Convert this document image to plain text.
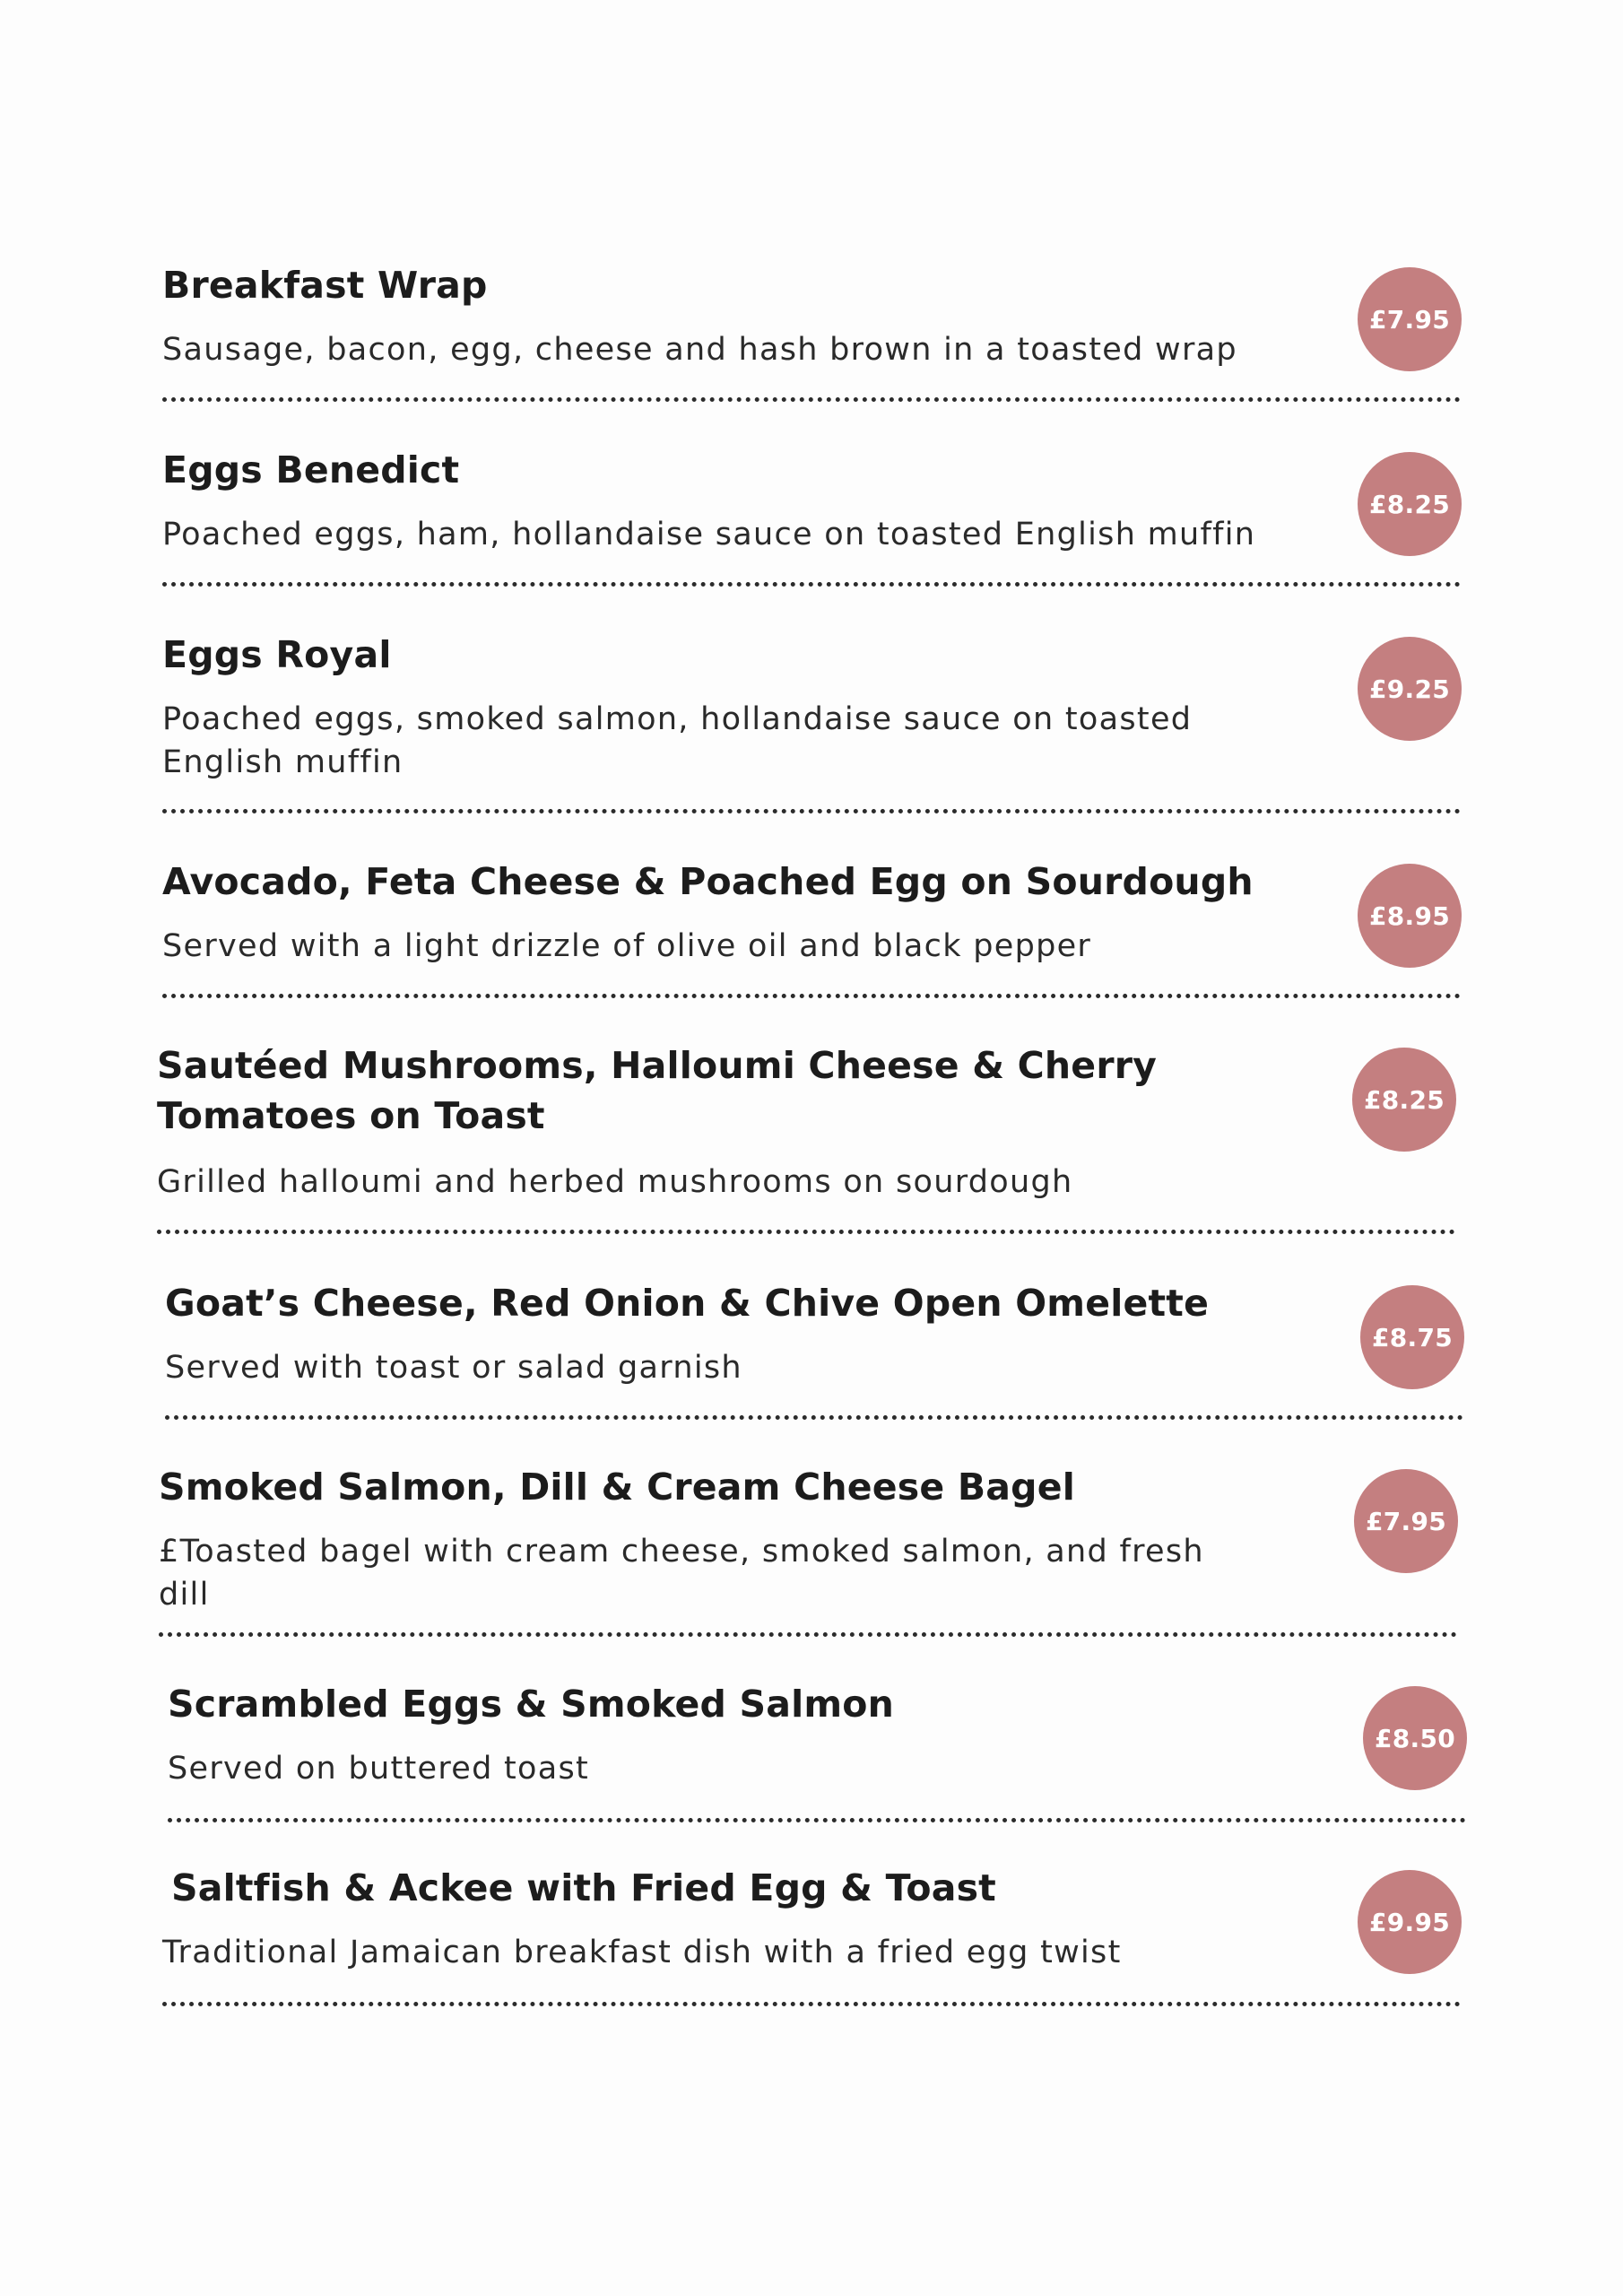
Breakfast Wrap
Sausage, bacon, egg, cheese and hash brown in a toasted wrap
£7.95
Eggs Benedict
Poached eggs, ham, hollandaise sauce on toasted English muffin
£8.25
Eggs Royal
Poached eggs, smoked salmon, hollandaise sauce on toasted English muffin
£9.25
Avocado, Feta Cheese & Poached Egg on Sourdough
Served with a light drizzle of olive oil and black pepper
£8.95
Sautéed Mushrooms, Halloumi Cheese & Cherry Tomatoes on Toast
Grilled halloumi and herbed mushrooms on sourdough
£8.25
Goat’s Cheese, Red Onion & Chive Open Omelette
Served with toast or salad garnish
£8.75
Smoked Salmon, Dill & Cream Cheese Bagel
£Toasted bagel with cream cheese, smoked salmon, and fresh dill
£7.95
Scrambled Eggs & Smoked Salmon
Served on buttered toast
£8.50
Saltfish & Ackee with Fried Egg & Toast
Traditional Jamaican breakfast dish with a fried egg twist
£9.95
